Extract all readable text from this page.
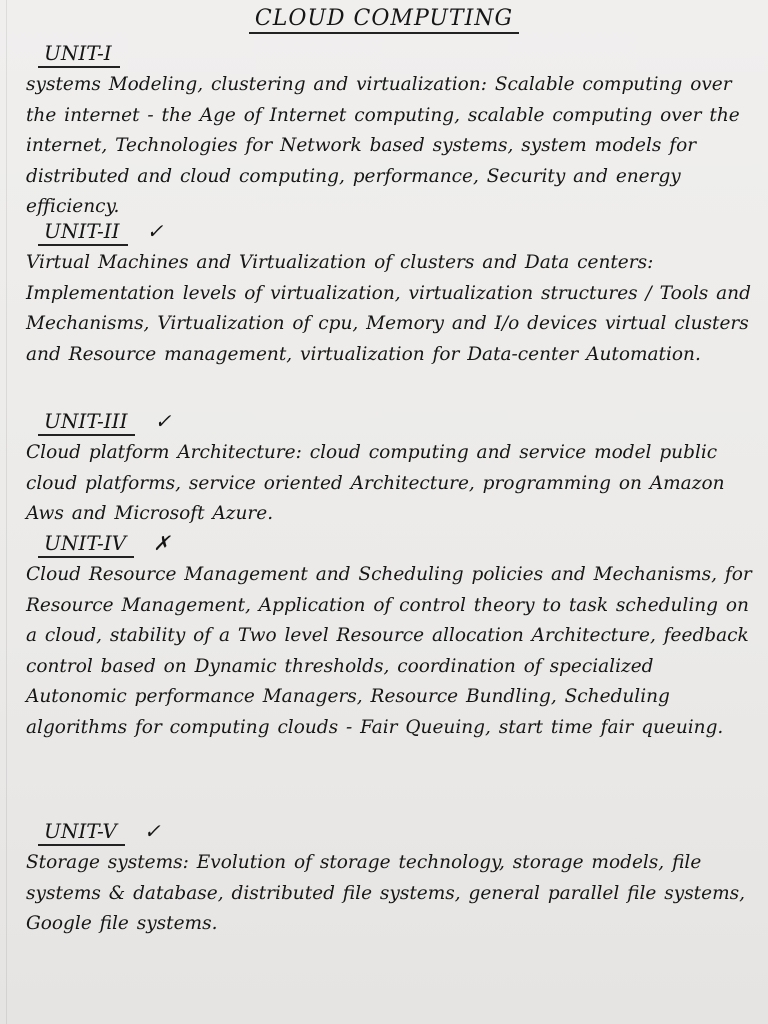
CLOUD COMPUTING
UNIT-I
systems Modeling, clustering and virtualization: Scalable computing over the internet - the Age of Internet computing, scalable computing over the internet, Technologies for Network based systems, system models for distributed and cloud computing, performance, Security and energy efficiency.
UNIT-II ✓
Virtual Machines and Virtualization of clusters and Data centers: Implementation levels of virtualization, virtualization structures / Tools and Mechanisms, Virtualization of cpu, Memory and I/o devices virtual clusters and Resource management, virtualization for Data-center Automation.
UNIT-III ✓
Cloud platform Architecture: cloud computing and service model public cloud platforms, service oriented Architecture, programming on Amazon Aws and Microsoft Azure.
UNIT-IV ✗
Cloud Resource Management and Scheduling policies and Mechanisms, for Resource Management, Application of control theory to task scheduling on a cloud, stability of a Two level Resource allocation Architecture, feedback control based on Dynamic thresholds, coordination of specialized Autonomic performance Managers, Resource Bundling, Scheduling algorithms for computing clouds - Fair Queuing, start time fair queuing.
UNIT-V ✓
Storage systems: Evolution of storage technology, storage models, file systems & database, distributed file systems, general parallel file systems, Google file systems.
